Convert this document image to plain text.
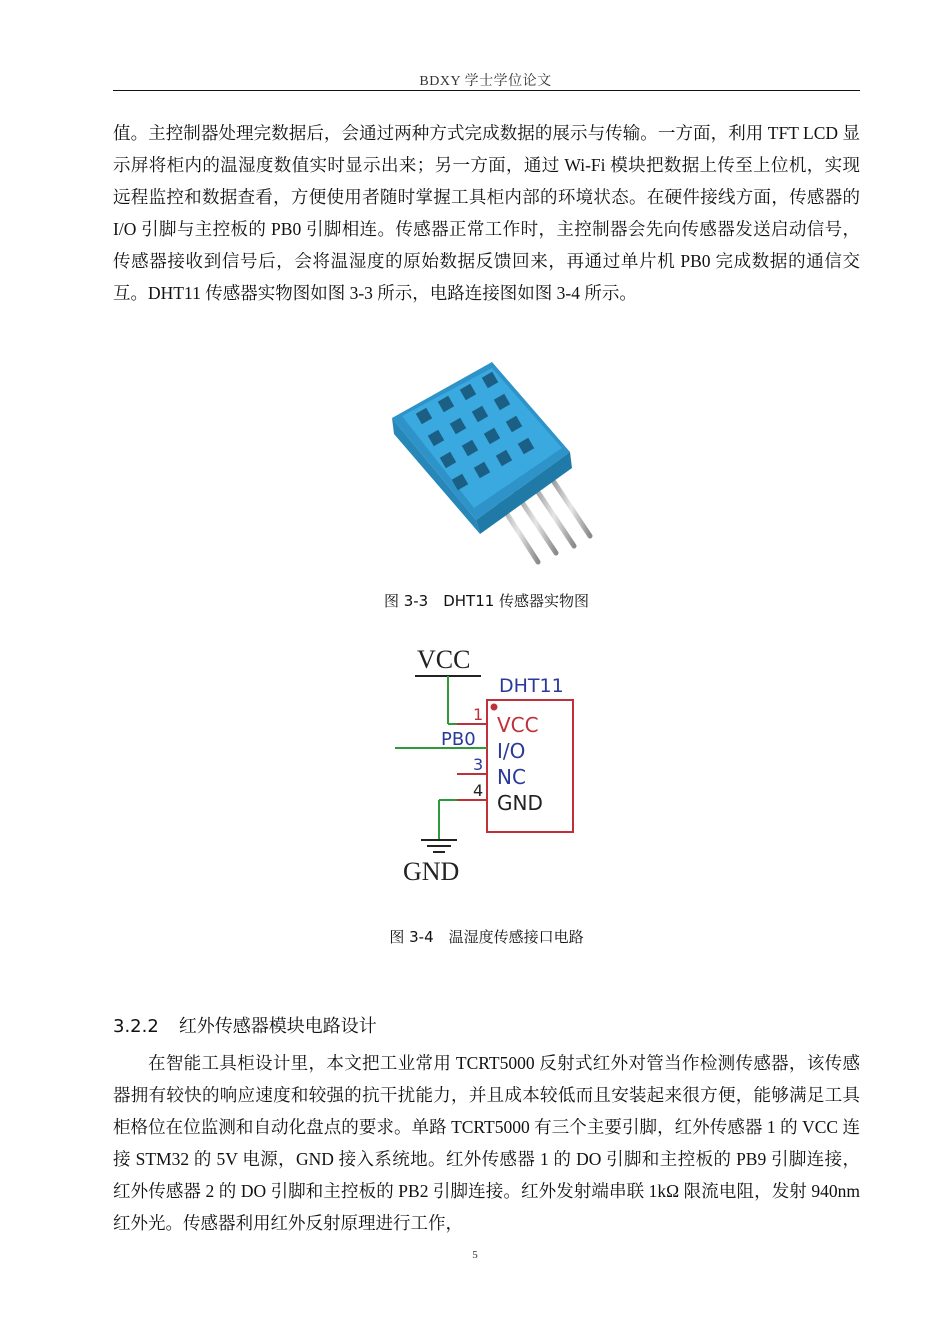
BDXY 学士学位论文

值。主控制器处理完数据后，会通过两种方式完成数据的展示与传输。一方面，利用 TFT LCD 显示屏将柜内的温湿度数值实时显示出来；另一方面，通过 Wi-Fi 模块把数据上传至上位机，实现远程监控和数据查看，方便使用者随时掌握工具柜内部的环境状态。在硬件接线方面，传感器的 I/O 引脚与主控板的 PB0 引脚相连。传感器正常工作时，主控制器会先向传感器发送启动信号，传感器接收到信号后，会将温湿度的原始数据反馈回来，再通过单片机 PB0 完成数据的通信交互。DHT11 传感器实物图如图 3-3 所示，电路连接图如图 3-4 所示。

图 3-3　DHT11 传感器实物图
VCC
DHT11
PB0
1
3
4
VCC
I/O
NC
GND
GND
图 3-4　温湿度传感接口电路
3.2.2 红外传感器模块电路设计

在智能工具柜设计里，本文把工业常用 TCRT5000 反射式红外对管当作检测传感器，该传感器拥有较快的响应速度和较强的抗干扰能力，并且成本较低而且安装起来很方便，能够满足工具柜格位在位监测和自动化盘点的要求。单路 TCRT5000 有三个主要引脚，红外传感器 1 的 VCC 连接 STM32 的 5V 电源，GND 接入系统地。红外传感器 1 的 DO 引脚和主控板的 PB9 引脚连接，红外传感器 2 的 DO 引脚和主控板的 PB2 引脚连接。红外发射端串联 1kΩ 限流电阻，发射 940nm 红外光。传感器利用红外反射原理进行工作，

5
